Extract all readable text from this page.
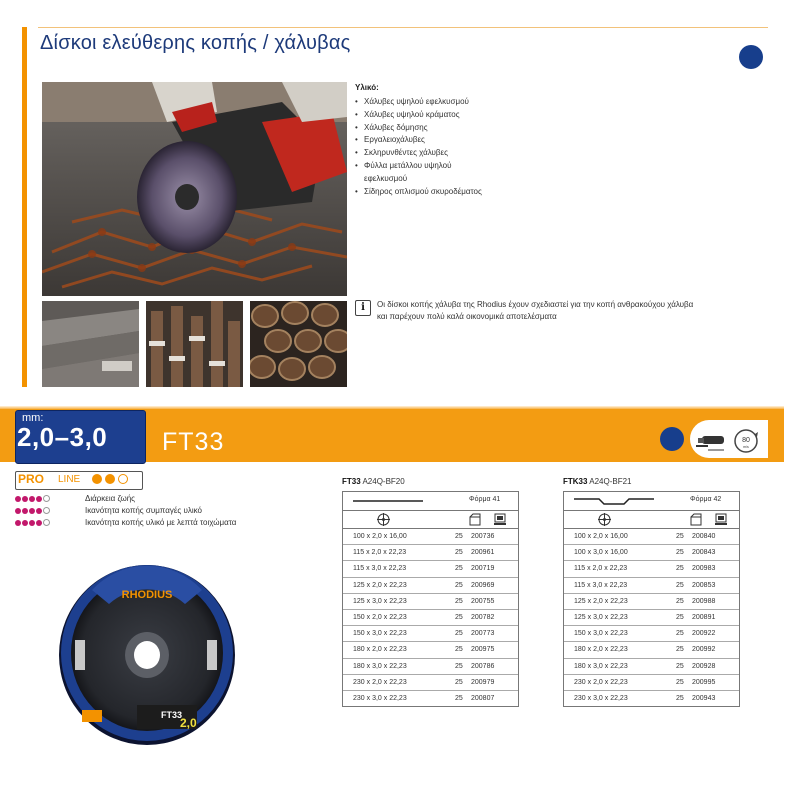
Δίσκοι ελεύθερης κοπής / χάλυβας
Υλικό:
• Χάλυβες υψηλού εφελκυσμού
• Χάλυβες υψηλού κράματος
• Χάλυβες δόμησης
• Εργαλειοχάλυβες
• Σκληρυνθέντες χάλυβες
• Φύλλα μετάλλου υψηλού εφελκυσμού
• Σίδηρος οπλισμού σκυροδέματος
i	Οι δίσκοι κοπής χάλυβα της Rhodius έχουν σχεδιαστεί για την κοπή ανθρακούχου χάλυβα
και παρέχουν πολύ καλά οικονομικά αποτελέσματα
mm:
2,0–3,0 FT33	80
m/s
PRO LINE
Διάρκεια ζωής
Ικανότητα κοπής συμπαγές υλικό
Ικανότητα κοπής υλικό με λεπτά τοιχώματα
RHODIUS
FT33
2,0
FT33 A24Q-BF20
Φόρμα 41
100 x 2,0 x 16,00	25 200736
115 x 2,0 x 22,23	25 200961
115 x 3,0 x 22,23	25 200719
125 x 2,0 x 22,23	25 200969
125 x 3,0 x 22,23	25 200755
150 x 2,0 x 22,23	25 200782
150 x 3,0 x 22,23	25 200773
180 x 2,0 x 22,23	25 200975
180 x 3,0 x 22,23	25 200786
230 x 2,0 x 22,23	25 200979
230 x 3,0 x 22,23	25 200807
FTK33 A24Q-BF21
Φόρμα 42
100 x 2,0 x 16,00	25 200840
100 x 3,0 x 16,00	25 200843
115 x 2,0 x 22,23	25 200983
115 x 3,0 x 22,23	25 200853
125 x 2,0 x 22,23	25 200988
125 x 3,0 x 22,23	25 200891
150 x 3,0 x 22,23	25 200922
180 x 2,0 x 22,23	25 200992
180 x 3,0 x 22,23	25 200928
230 x 2,0 x 22,23	25 200995
230 x 3,0 x 22,23	25 200943
